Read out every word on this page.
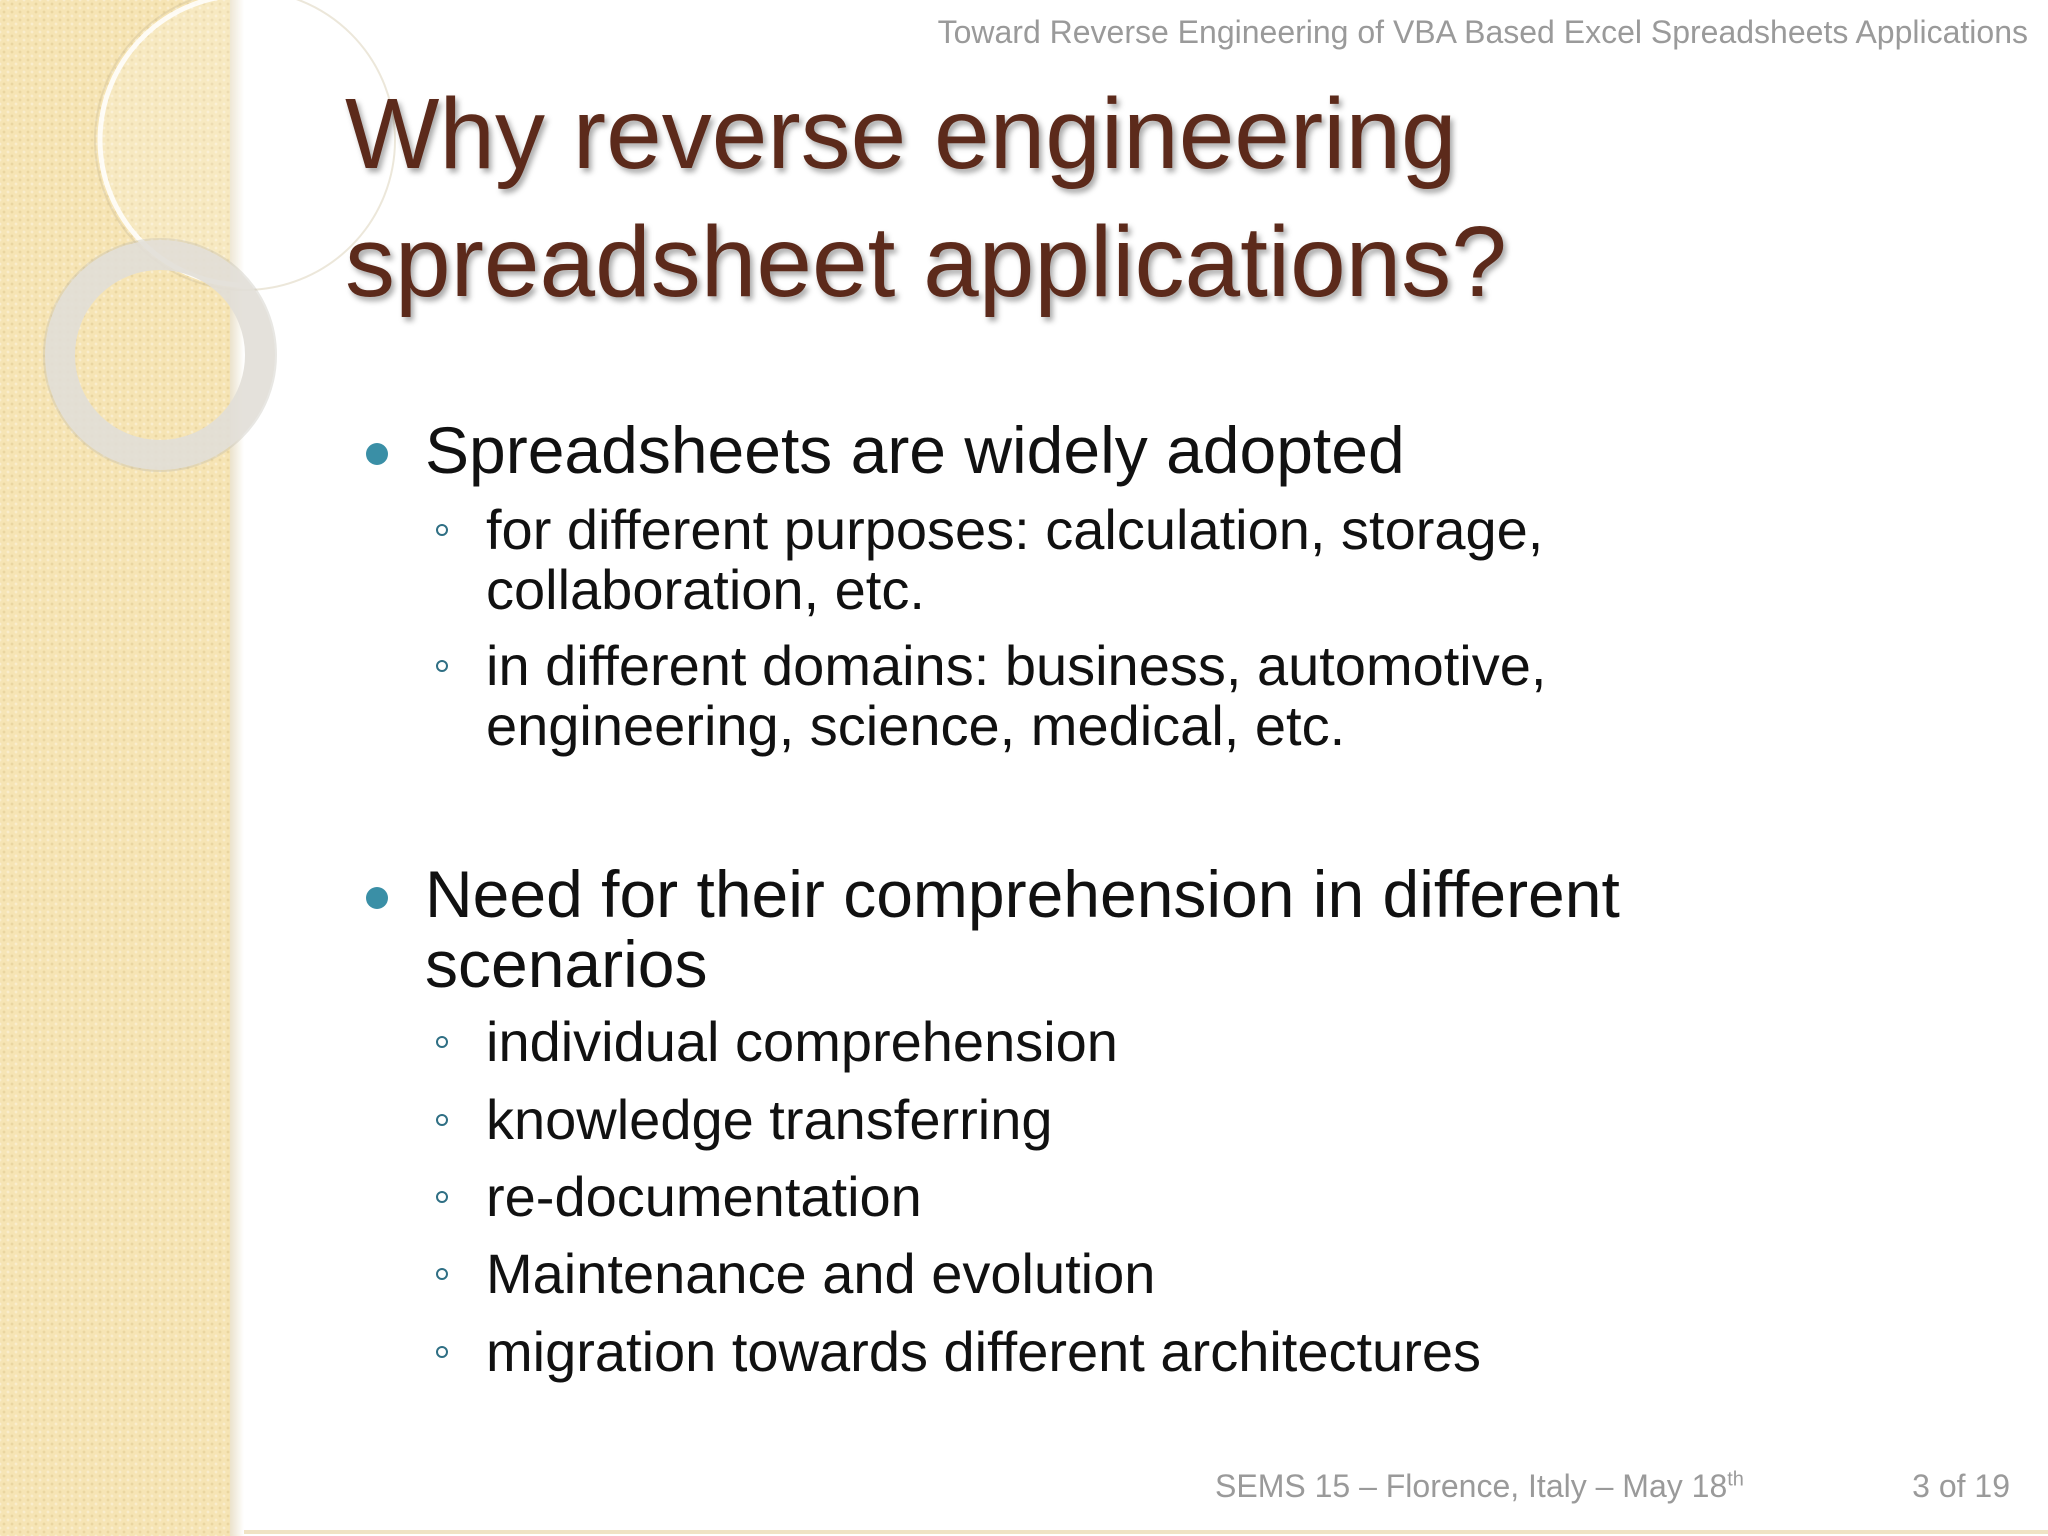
Toward Reverse Engineering of VBA Based Excel Spreadsheets Applications
Why reverse engineering
spreadsheet applications?
Spreadsheets are widely adopted
for different purposes: calculation, storage,
collaboration, etc.
in different domains: business, automotive,
engineering, science, medical, etc.
Need for their comprehension in different
scenarios
individual comprehension
knowledge transferring
re-documentation
Maintenance and evolution
migration towards different architectures
SEMS 15 – Florence, Italy – May 18th	3 of 19
